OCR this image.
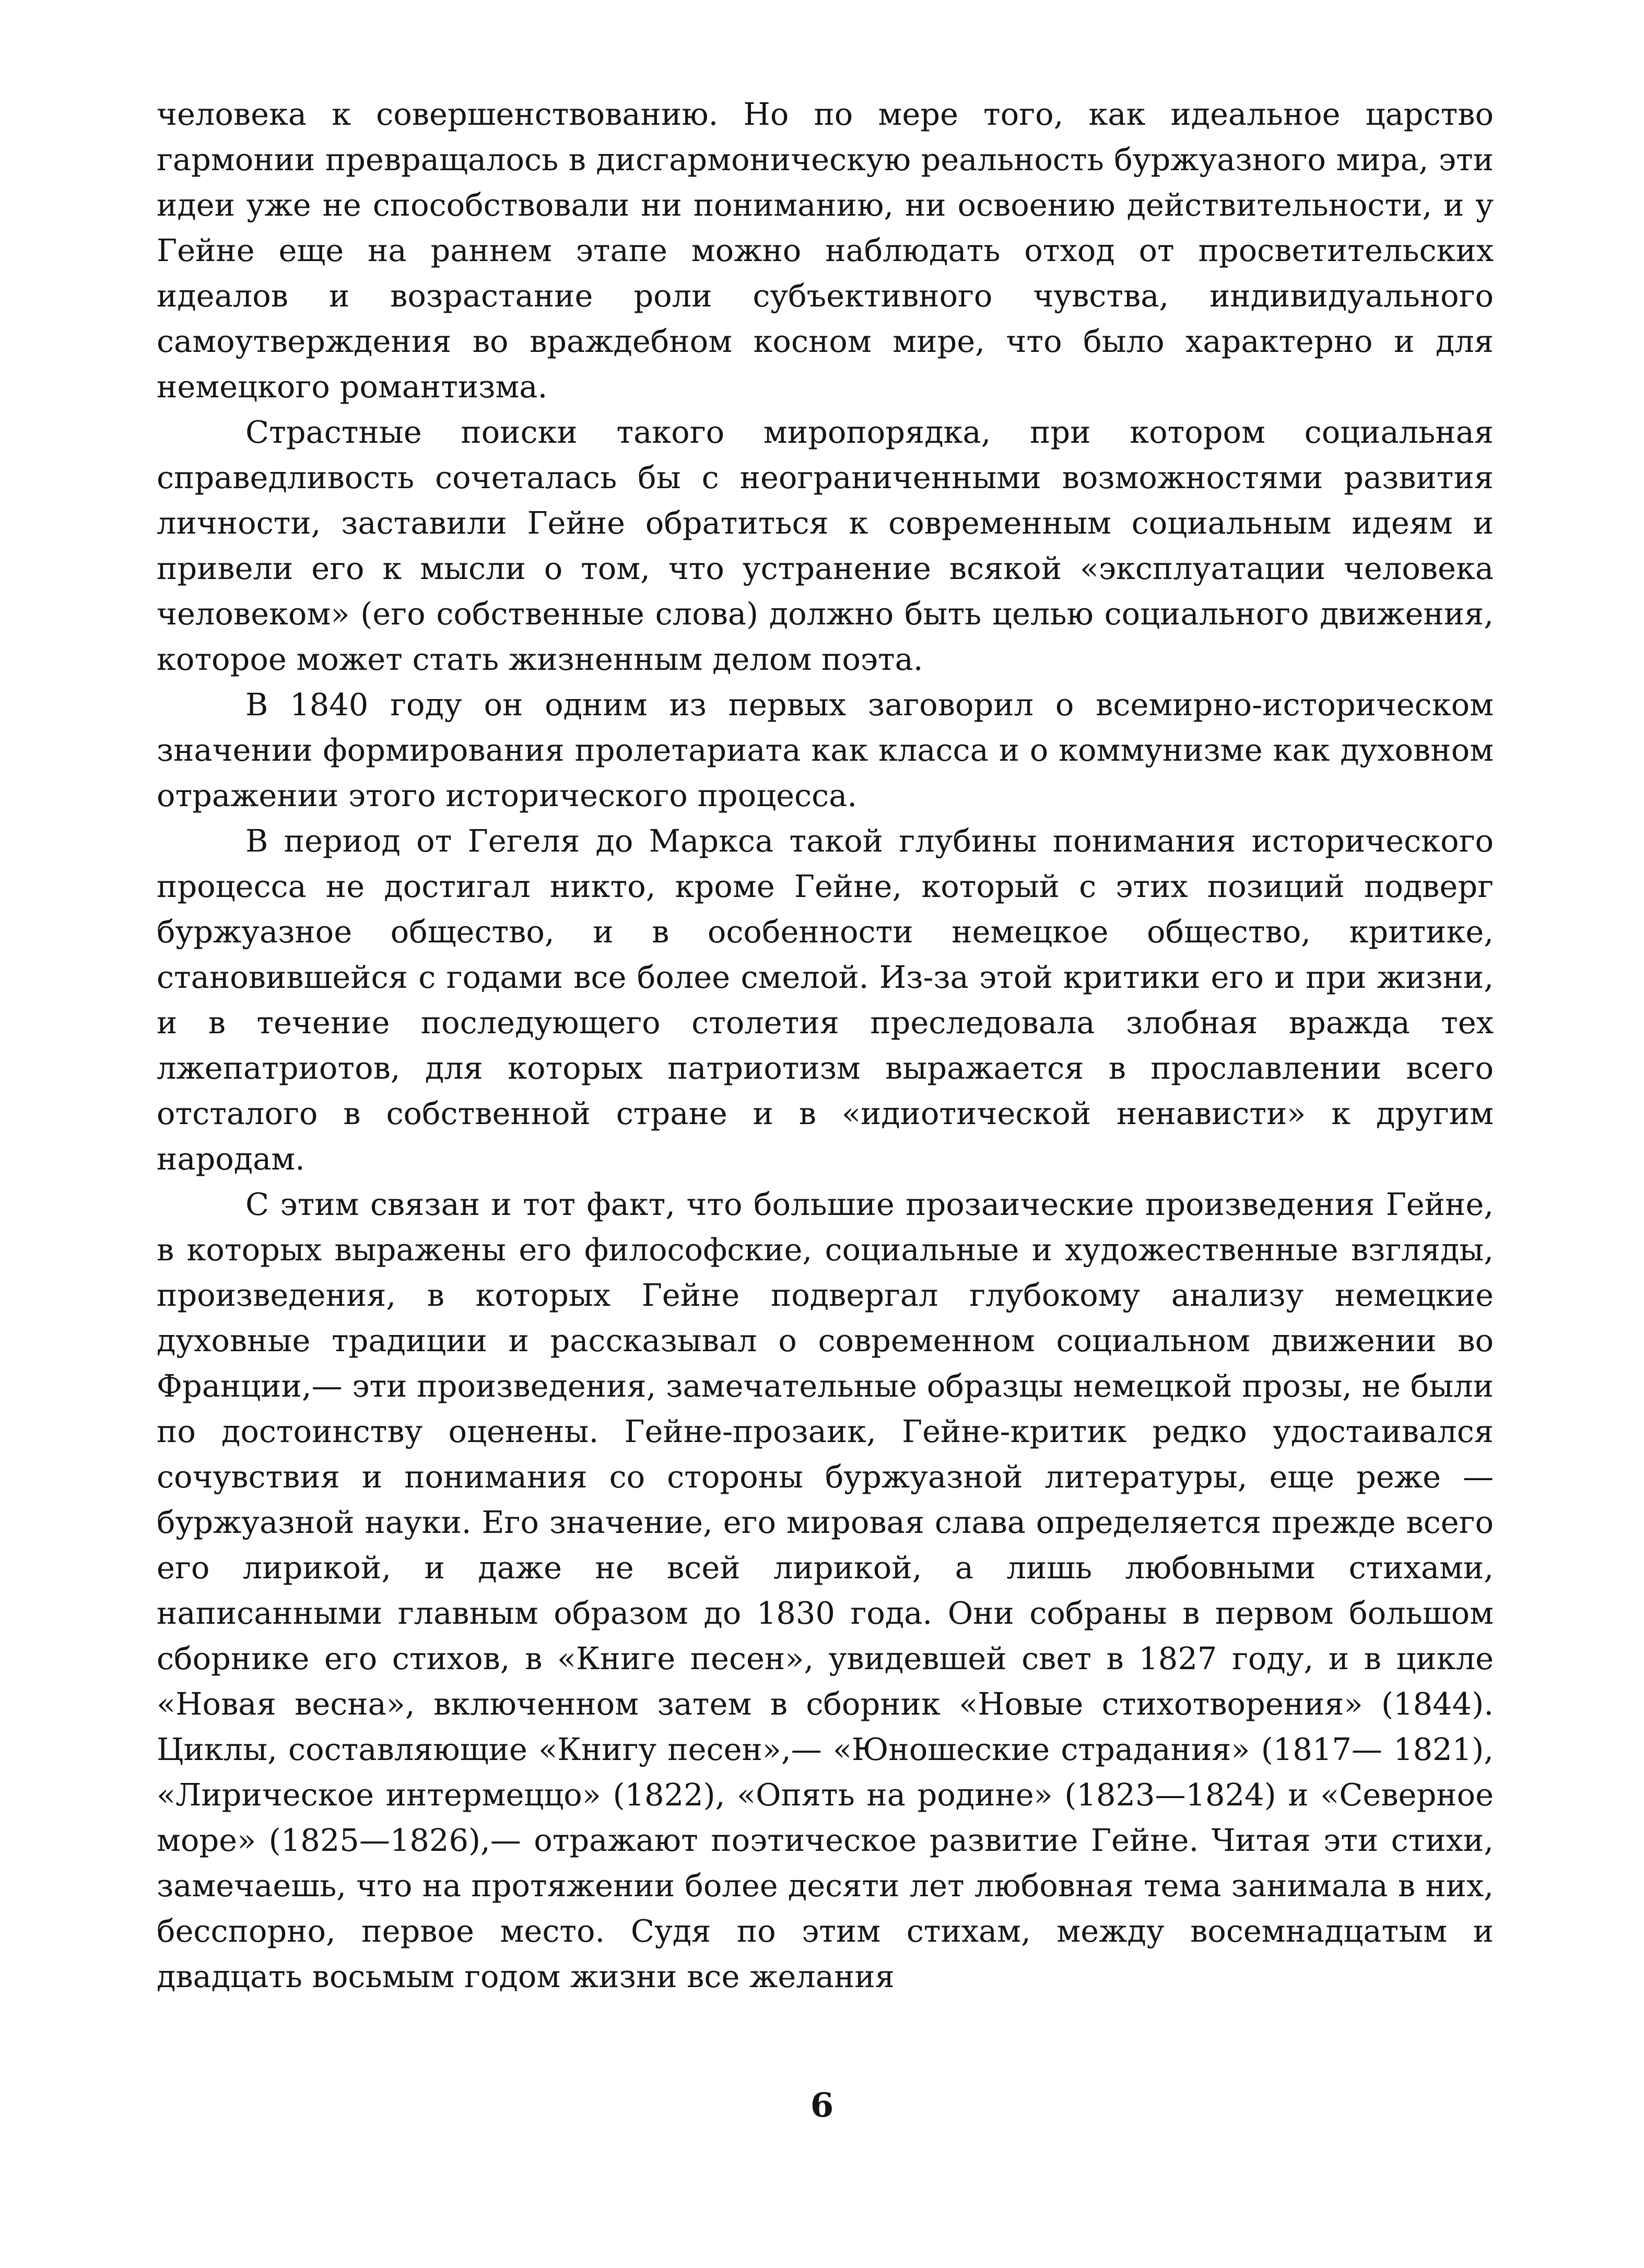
человека к совершенствованию. Но по мере того, как идеальное царство гармонии превращалось в дисгармоническую реальность буржуазного мира, эти идеи уже не способствовали ни пониманию, ни освоению действительности, и у Гейне еще на раннем этапе можно наблюдать отход от просветительских идеалов и возрастание роли субъективного чувства, индивидуального самоутверждения во враждебном косном мире, что было характерно и для немецкого романтизма.

Страстные поиски такого миропорядка, при котором социальная справедливость сочеталась бы с неограниченными возможностями развития личности, заставили Гейне обратиться к современным социальным идеям и привели его к мысли о том, что устранение всякой «эксплуатации человека человеком» (его собственные слова) должно быть целью социального движения, которое может стать жизненным делом поэта.

В 1840 году он одним из первых заговорил о всемирно-историческом значении формирования пролетариата как класса и о коммунизме как духовном отражении этого исторического процесса.

В период от Гегеля до Маркса такой глубины понимания исторического процесса не достигал никто, кроме Гейне, который с этих позиций подверг буржуазное общество, и в особенности немецкое общество, критике, становившейся с годами все более смелой. Из-за этой критики его и при жизни, и в течение последующего столетия преследовала злобная вражда тех лжепатриотов, для которых патриотизм выражается в прославлении всего отсталого в собственной стране и в «идиотической ненависти» к другим народам.

С этим связан и тот факт, что большие прозаические произведения Гейне, в которых выражены его философские, социальные и художественные взгляды, произведения, в которых Гейне подвергал глубокому анализу немецкие духовные традиции и рассказывал о современном социальном движении во Франции,— эти произведения, замечательные образцы немецкой прозы, не были по достоинству оценены. Гейне-прозаик, Гейне-критик редко удостаивался сочувствия и понимания со стороны буржуазной литературы, еще реже — буржуазной науки. Его значение, его мировая слава определяется прежде всего его лирикой, и даже не всей лирикой, а лишь любовными стихами, написанными главным образом до 1830 года. Они собраны в первом большом сборнике его стихов, в «Книге песен», увидевшей свет в 1827 году, и в цикле «Новая весна», включенном затем в сборник «Новые стихотворения» (1844). Циклы, составляющие «Книгу песен»,— «Юношеские страдания» (1817— 1821), «Лирическое интермеццо» (1822), «Опять на родине» (1823—1824) и «Северное море» (1825—1826),— отражают поэтическое развитие Гейне. Читая эти стихи, замечаешь, что на протяжении более десяти лет любовная тема занимала в них, бесспорно, первое место. Судя по этим стихам, между восемнадцатым и двадцать восьмым годом жизни все желания

6
